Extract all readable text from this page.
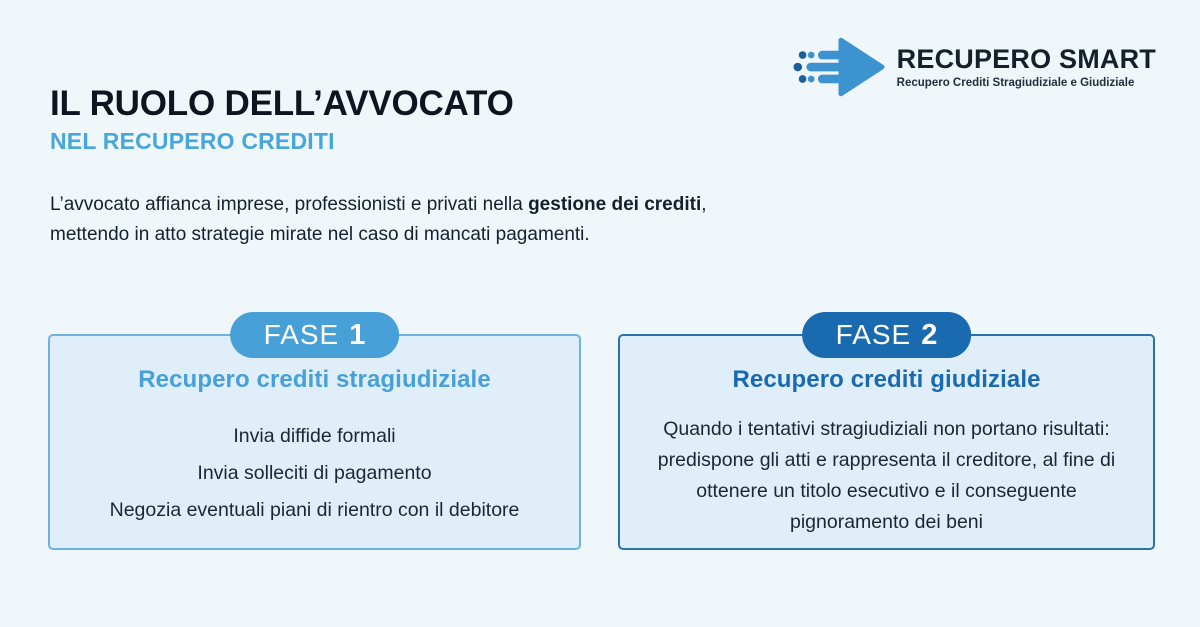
RECUPERO SMART
Recupero Crediti Stragiudiziale e Giudiziale
IL RUOLO DELL’AVVOCATO
NEL RECUPERO CREDITI

L’avvocato affianca imprese, professionisti e privati nella gestione dei crediti, mettendo in atto strategie mirate nel caso di mancati pagamenti.

FASE 1
Recupero crediti stragiudiziale
Invia diffide formali
Invia solleciti di pagamento
Negozia eventuali piani di rientro con il debitore
FASE 2
Recupero crediti giudiziale

Quando i tentativi stragiudiziali non portano risultati: predispone gli atti e rappresenta il creditore, al fine di ottenere un titolo esecutivo e il conseguente pignoramento dei beni
